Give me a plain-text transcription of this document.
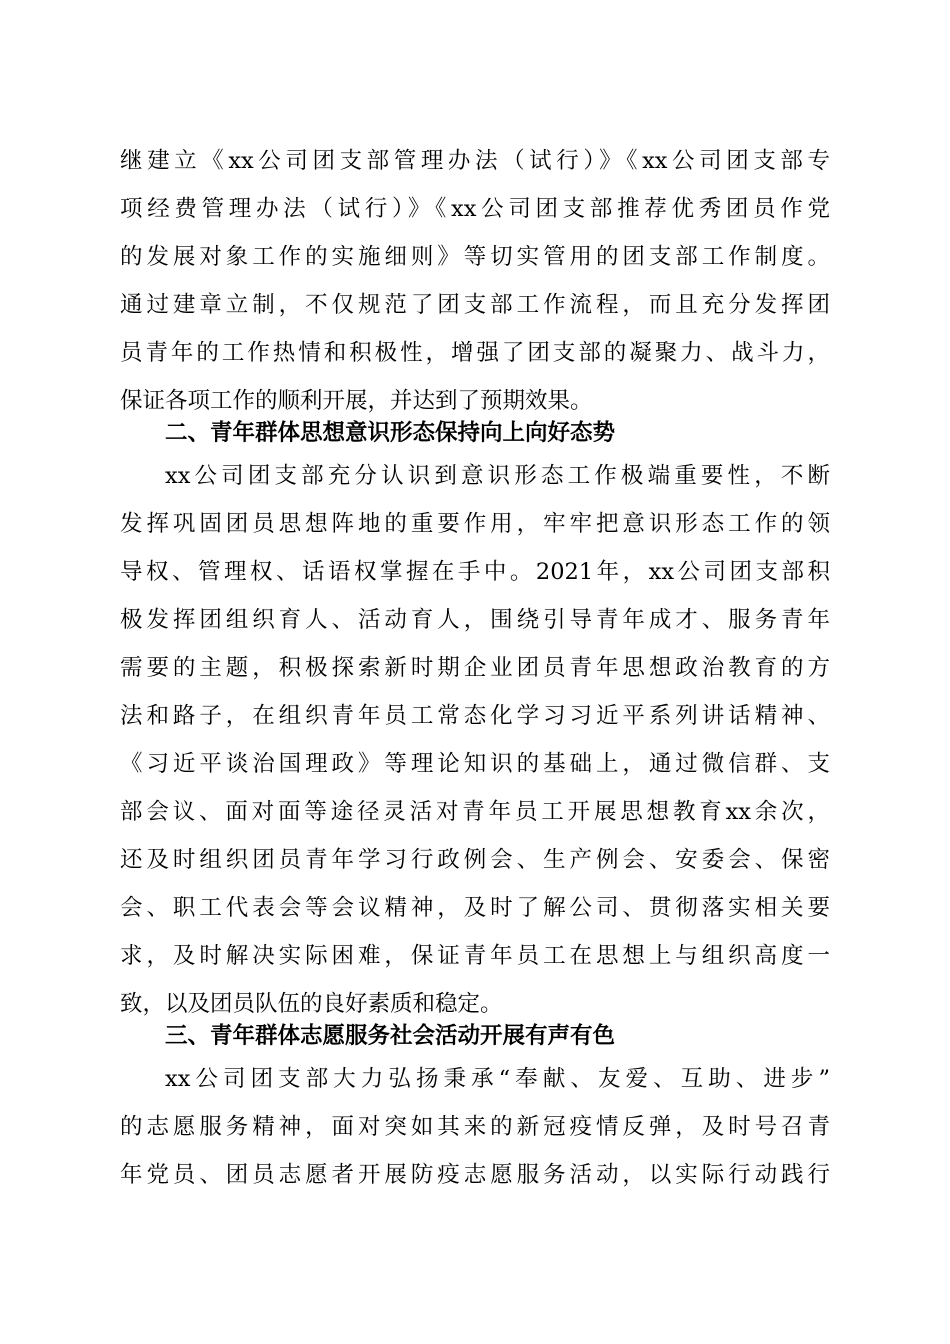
继建立《xx公司团支部管理办法（试行）》《xx公司团支部专
项经费管理办法（试行）》《xx公司团支部推荐优秀团员作党
的发展对象工作的实施细则》等切实管用的团支部工作制度。
通过建章立制，不仅规范了团支部工作流程，而且充分发挥团
员青年的工作热情和积极性，增强了团支部的凝聚力、战斗力，
保证各项工作的顺利开展，并达到了预期效果。
二、青年群体思想意识形态保持向上向好态势
xx公司团支部充分认识到意识形态工作极端重要性，不断
发挥巩固团员思想阵地的重要作用，牢牢把意识形态工作的领
导权、管理权、话语权掌握在手中。2021年，xx公司团支部积
极发挥团组织育人、活动育人，围绕引导青年成才、服务青年
需要的主题，积极探索新时期企业团员青年思想政治教育的方
法和路子，在组织青年员工常态化学习习近平系列讲话精神、
《习近平谈治国理政》等理论知识的基础上，通过微信群、支
部会议、面对面等途径灵活对青年员工开展思想教育xx余次，
还及时组织团员青年学习行政例会、生产例会、安委会、保密
会、职工代表会等会议精神，及时了解公司、贯彻落实相关要
求，及时解决实际困难，保证青年员工在思想上与组织高度一
致，以及团员队伍的良好素质和稳定。
三、青年群体志愿服务社会活动开展有声有色
xx公司团支部大力弘扬秉承“奉献、友爱、互助、进步”
的志愿服务精神，面对突如其来的新冠疫情反弹，及时号召青
年党员、团员志愿者开展防疫志愿服务活动，以实际行动践行
